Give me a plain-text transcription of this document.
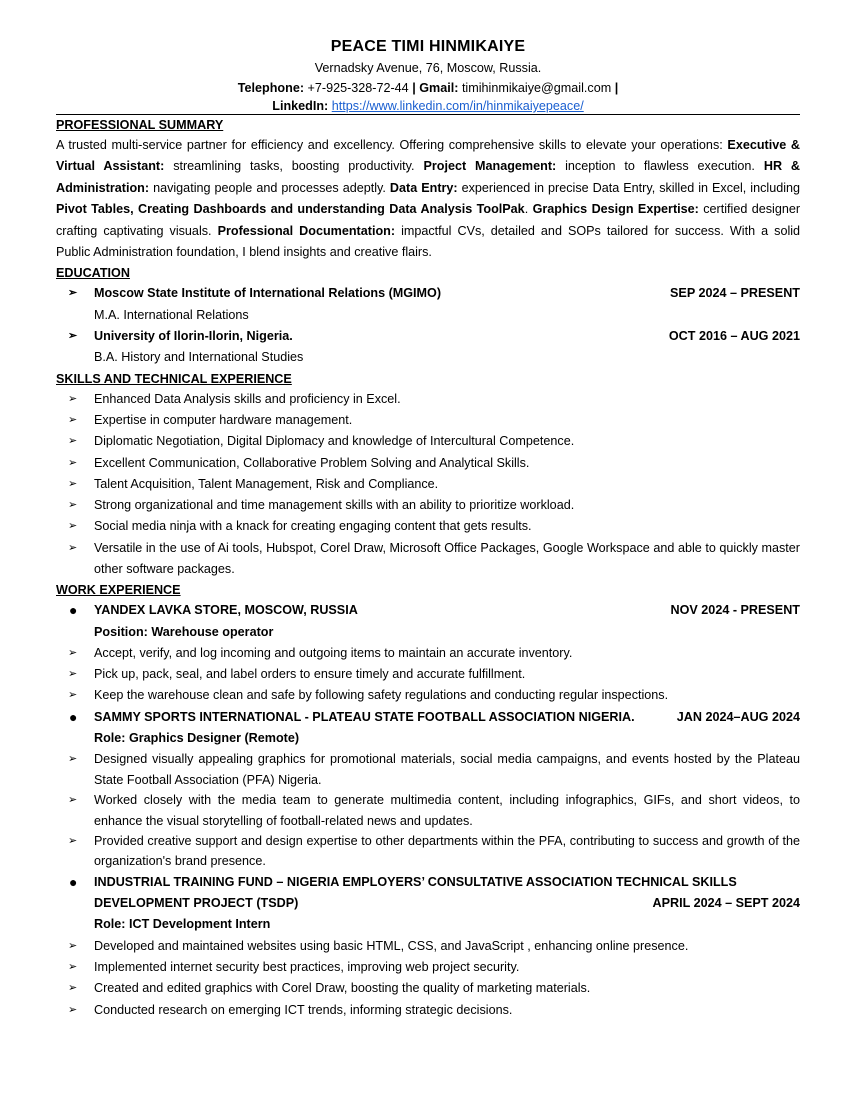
PEACE TIMI HINMIKAIYE
Vernadsky Avenue, 76, Moscow, Russia.
Telephone: +7-925-328-72-44 | Gmail: timihinmikaiye@gmail.com |
LinkedIn: https://www.linkedin.com/in/hinmikaiyepeace/
PROFESSIONAL SUMMARY
A trusted multi-service partner for efficiency and excellency. Offering comprehensive skills to elevate your operations: Executive & Virtual Assistant: streamlining tasks, boosting productivity. Project Management: inception to flawless execution. HR & Administration: navigating people and processes adeptly. Data Entry: experienced in precise Data Entry, skilled in Excel, including Pivot Tables, Creating Dashboards and understanding Data Analysis ToolPak. Graphics Design Expertise: certified designer crafting captivating visuals. Professional Documentation: impactful CVs, detailed and SOPs tailored for success. With a solid Public Administration foundation, I blend insights and creative flairs.
EDUCATION
➢	Moscow State Institute of International Relations (MGIMO)	SEP 2024 – PRESENT
M.A. International Relations
➢	University of Ilorin-Ilorin, Nigeria.	OCT 2016 – AUG 2021
B.A. History and International Studies
SKILLS AND TECHNICAL EXPERIENCE
➢	Enhanced Data Analysis skills and proficiency in Excel.
➢	Expertise in computer hardware management.
➢	Diplomatic Negotiation, Digital Diplomacy and knowledge of Intercultural Competence.
➢	Excellent Communication, Collaborative Problem Solving and Analytical Skills.
➢	Talent Acquisition, Talent Management, Risk and Compliance.
➢	Strong organizational and time management skills with an ability to prioritize workload.
➢	Social media ninja with a knack for creating engaging content that gets results.
➢	Versatile in the use of Ai tools, Hubspot, Corel Draw, Microsoft Office Packages, Google Workspace and able to quickly master other software packages.
WORK EXPERIENCE
●	YANDEX LAVKA STORE, MOSCOW, RUSSIA	NOV 2024 - PRESENT
Position: Warehouse operator
➢	Accept, verify, and log incoming and outgoing items to maintain an accurate inventory.
➢	Pick up, pack, seal, and label orders to ensure timely and accurate fulfillment.
➢	Keep the warehouse clean and safe by following safety regulations and conducting regular inspections.
●	SAMMY SPORTS INTERNATIONAL - PLATEAU STATE FOOTBALL ASSOCIATION NIGERIA.	JAN 2024–AUG 2024
Role: Graphics Designer (Remote)
➢	Designed visually appealing graphics for promotional materials, social media campaigns, and events hosted by the Plateau State Football Association (PFA) Nigeria.
➢	Worked closely with the media team to generate multimedia content, including infographics, GIFs, and short videos, to enhance the visual storytelling of football-related news and updates.
➢	Provided creative support and design expertise to other departments within the PFA, contributing to success and growth of the organization's brand presence.
●	INDUSTRIAL TRAINING FUND – NIGERIA EMPLOYERS’ CONSULTATIVE ASSOCIATION TECHNICAL SKILLS
DEVELOPMENT PROJECT (TSDP)	APRIL 2024 – SEPT 2024
Role: ICT Development Intern
➢	Developed and maintained websites using basic HTML, CSS, and JavaScript , enhancing online presence.
➢	Implemented internet security best practices, improving web project security.
➢	Created and edited graphics with Corel Draw, boosting the quality of marketing materials.
➢	Conducted research on emerging ICT trends, informing strategic decisions.
